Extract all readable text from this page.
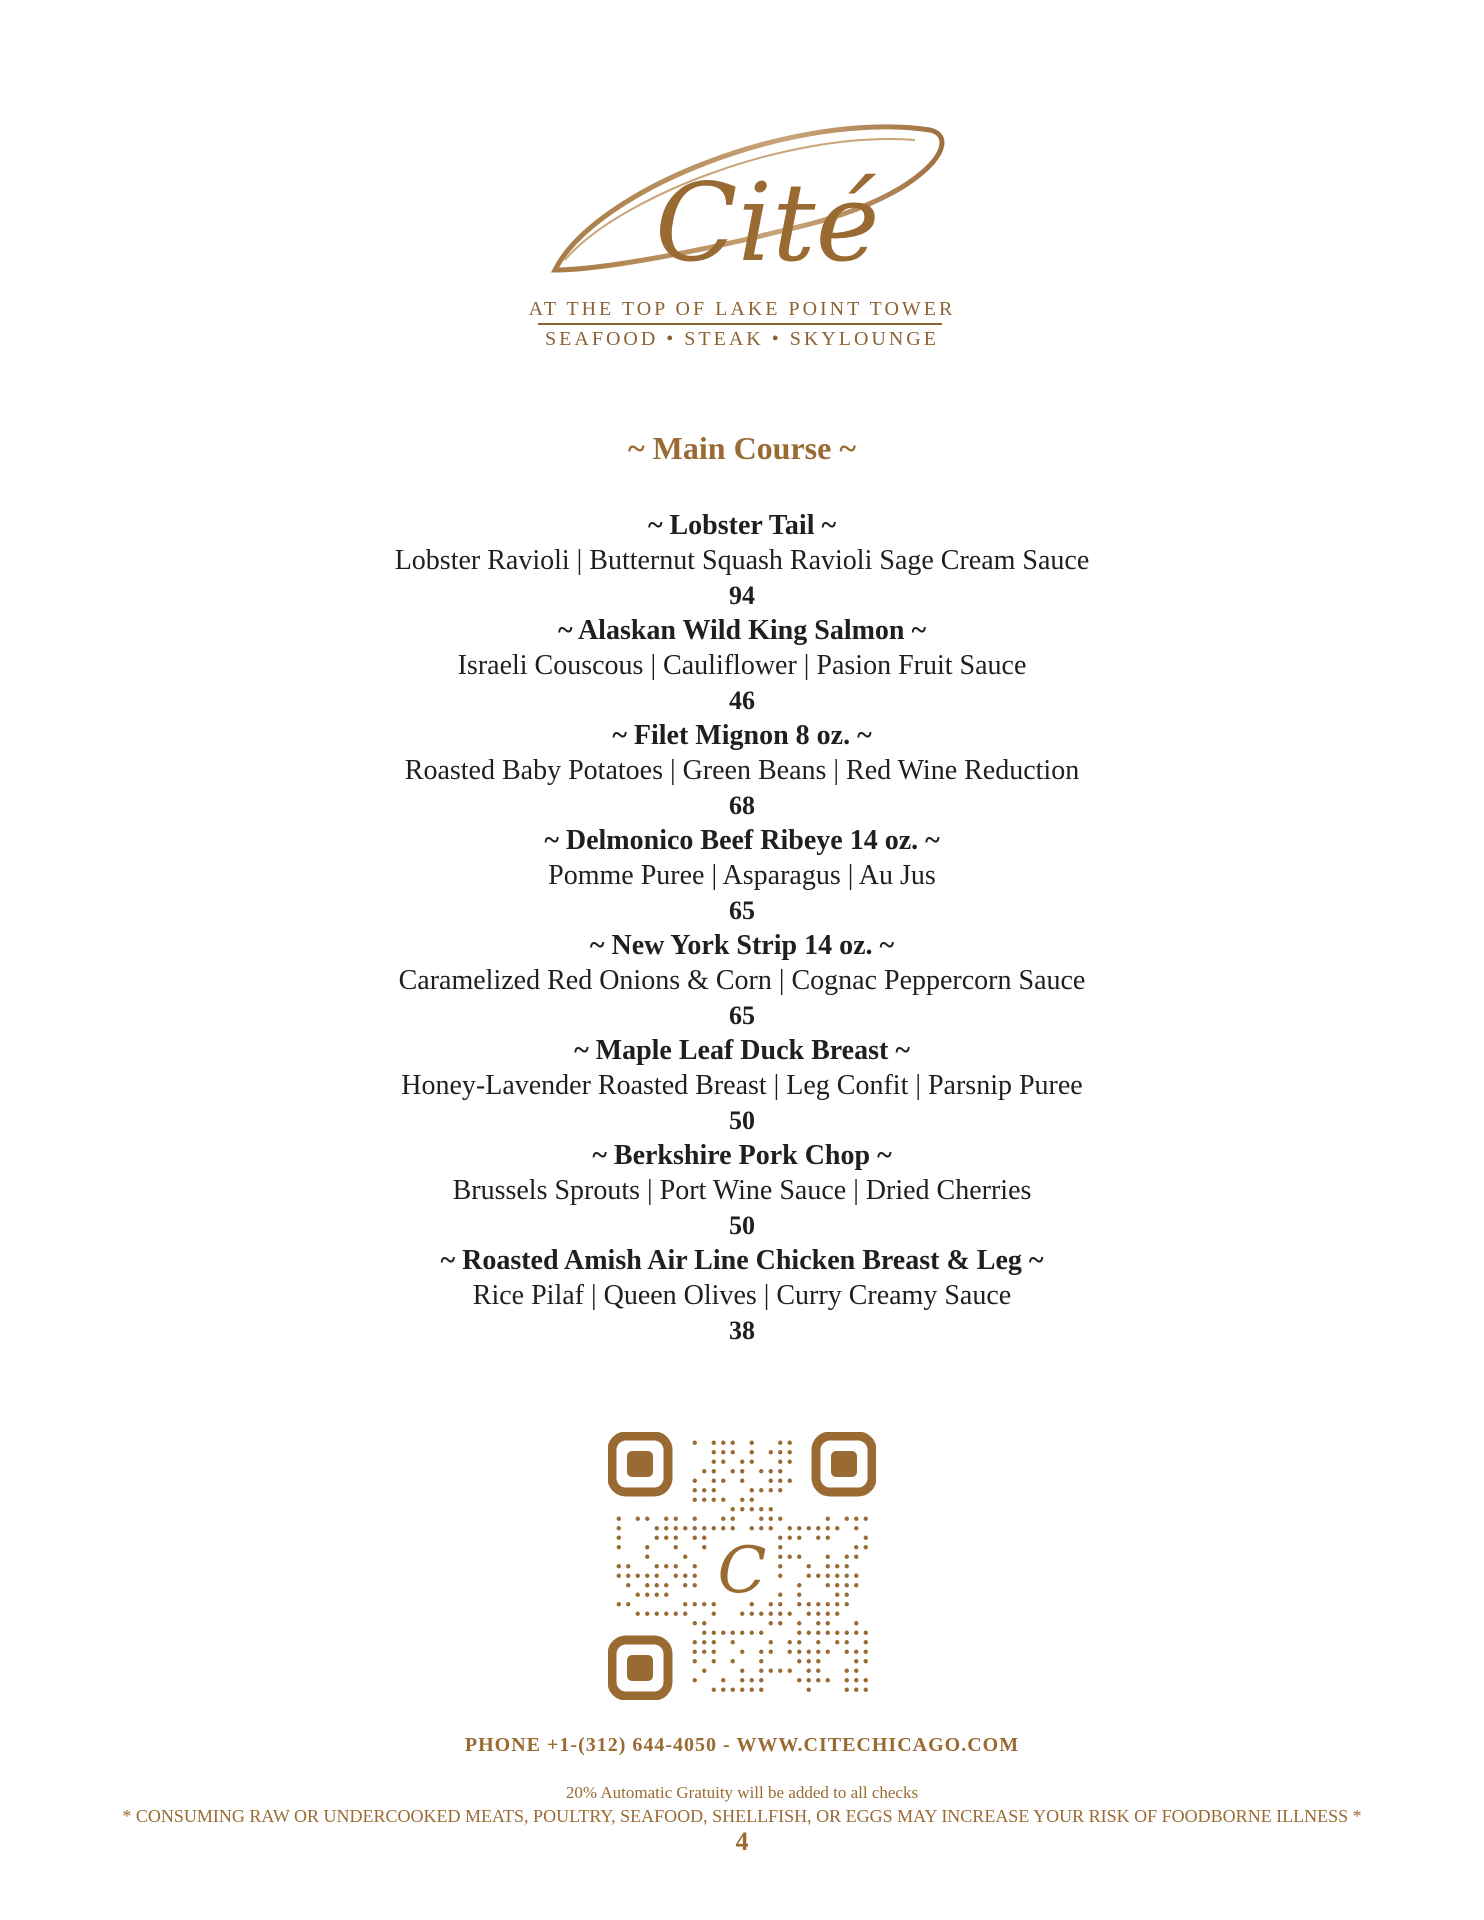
Cité
AT THE TOP OF LAKE POINT TOWER
SEAFOOD • STEAK • SKYLOUNGE
~ Main Course ~
~ Lobster Tail ~
Lobster Ravioli | Butternut Squash Ravioli Sage Cream Sauce
94
~ Alaskan Wild King Salmon ~
Israeli Couscous | Cauliflower | Pasion Fruit Sauce
46
~ Filet Mignon 8 oz. ~
Roasted Baby Potatoes | Green Beans | Red Wine Reduction
68
~ Delmonico Beef Ribeye 14 oz. ~
Pomme Puree | Asparagus | Au Jus
65
~ New York Strip 14 oz. ~
Caramelized Red Onions & Corn | Cognac Peppercorn Sauce
65
~ Maple Leaf Duck Breast ~
Honey-Lavender Roasted Breast | Leg Confit | Parsnip Puree
50
~ Berkshire Pork Chop ~
Brussels Sprouts | Port Wine Sauce | Dried Cherries
50
~ Roasted Amish Air Line Chicken Breast & Leg ~
Rice Pilaf | Queen Olives | Curry Creamy Sauce
38
C
PHONE +1-(312) 644-4050 - WWW.CITECHICAGO.COM
20% Automatic Gratuity will be added to all checks
* CONSUMING RAW OR UNDERCOOKED MEATS, POULTRY, SEAFOOD, SHELLFISH, OR EGGS MAY INCREASE YOUR RISK OF FOODBORNE ILLNESS *
4
